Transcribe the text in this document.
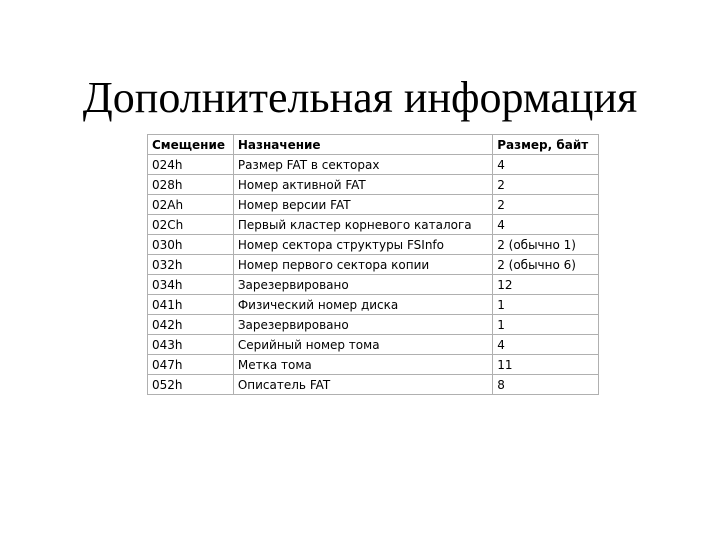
Дополнительная информация
Смещение	Назначение	Размер, байт
024h	Размер FAT в секторах	4
028h	Номер активной FAT	2
02Ah	Номер версии FAT	2
02Ch	Первый кластер корневого каталога	4
030h	Номер сектора структуры FSInfo	2 (обычно 1)
032h	Номер первого сектора копии	2 (обычно 6)
034h	Зарезервировано	12
041h	Физический номер диска	1
042h	Зарезервировано	1
043h	Серийный номер тома	4
047h	Метка тома	11
052h	Описатель FAT	8
